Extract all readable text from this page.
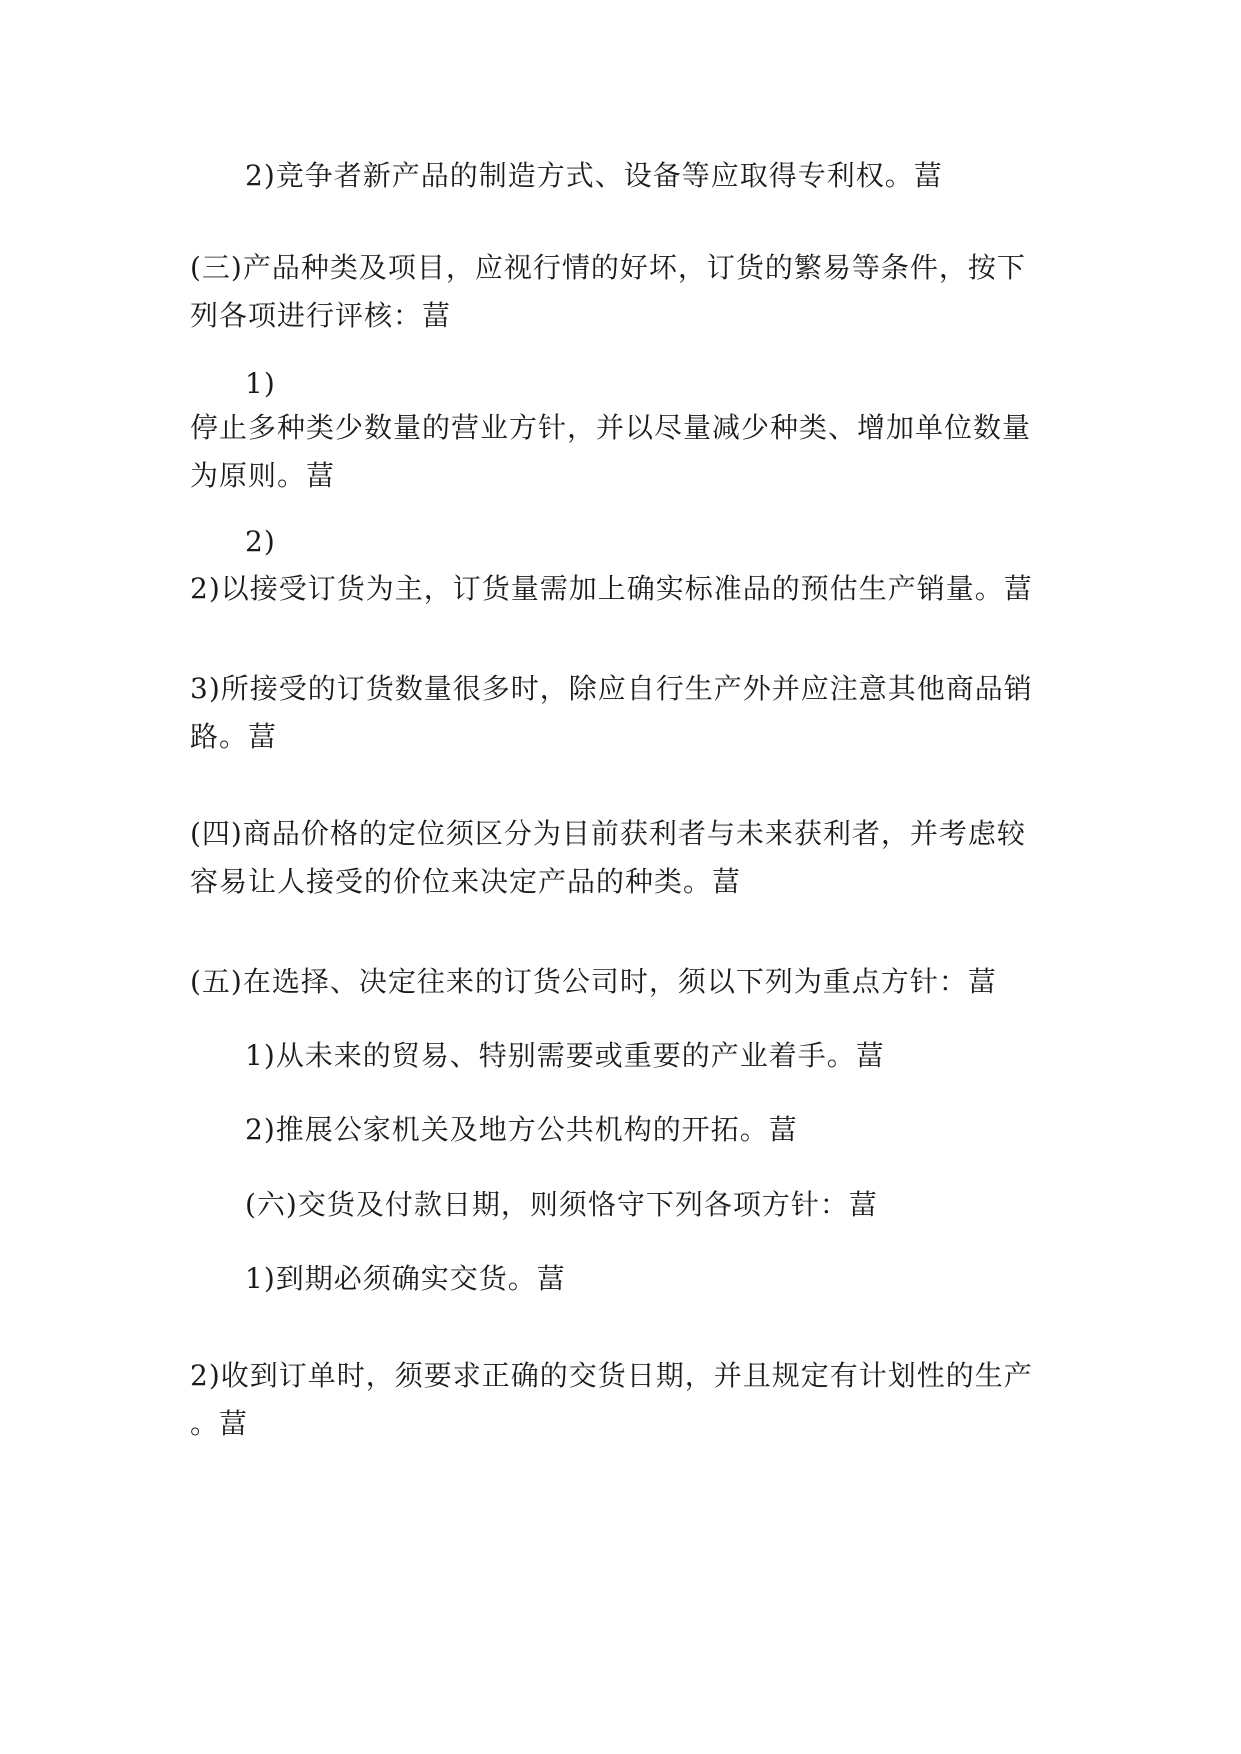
2)竞争者新产品的制造方式、设备等应取得专利权。葍
(三)产品种类及项目，应视行情的好坏，订货的繁易等条件，按下
列各项进行评核：葍
1)
停止多种类少数量的营业方针，并以尽量减少种类、增加单位数量
为原则。葍
2)
2)以接受订货为主，订货量需加上确实标准品的预估生产销量。葍
3)所接受的订货数量很多时，除应自行生产外并应注意其他商品销
路。葍
(四)商品价格的定位须区分为目前获利者与未来获利者，并考虑较
容易让人接受的价位来决定产品的种类。葍
(五)在选择、决定往来的订货公司时，须以下列为重点方针：葍
1)从未来的贸易、特别需要或重要的产业着手。葍
2)推展公家机关及地方公共机构的开拓。葍
(六)交货及付款日期，则须恪守下列各项方针：葍
1)到期必须确实交货。葍
2)收到订单时，须要求正确的交货日期，并且规定有计划性的生产
。葍
